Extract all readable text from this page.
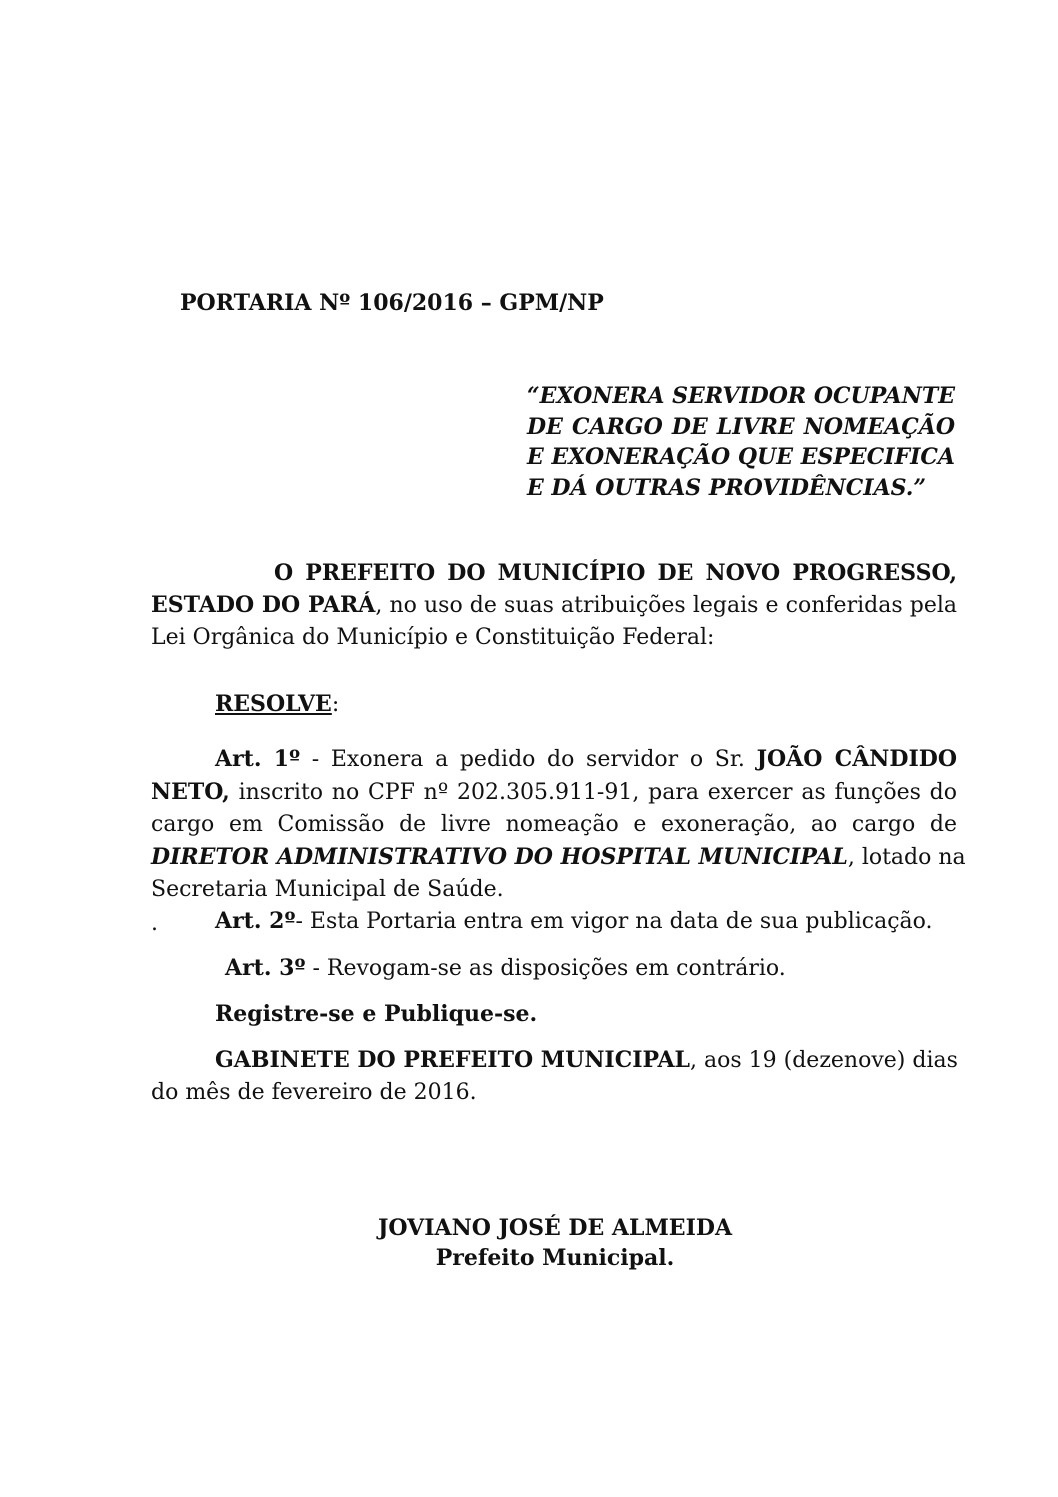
PORTARIA Nº 106/2016 – GPM/NP
“EXONERA SERVIDOR OCUPANTE
DE CARGO DE LIVRE NOMEAÇÃO
E EXONERAÇÃO QUE ESPECIFICA
E DÁ OUTRAS PROVIDÊNCIAS.”
O PREFEITO DO MUNICÍPIO DE NOVO PROGRESSO,
ESTADO DO PARÁ, no uso de suas atribuições legais e conferidas pela
Lei Orgânica do Município e Constituição Federal:
RESOLVE:
Art. 1º - Exonera a pedido do servidor o Sr. JOÃO CÂNDIDO
NETO, inscrito no CPF nº 202.305.911-91, para exercer as funções do
cargo em Comissão de livre nomeação e exoneração, ao cargo de
DIRETOR ADMINISTRATIVO DO HOSPITAL MUNICIPAL, lotado na
Secretaria Municipal de Saúde.
.	Art. 2º- Esta Portaria entra em vigor na data de sua publicação.
Art. 3º - Revogam-se as disposições em contrário.
Registre-se e Publique-se.
GABINETE DO PREFEITO MUNICIPAL, aos 19 (dezenove) dias
do mês de fevereiro de 2016.
JOVIANO JOSÉ DE ALMEIDA
Prefeito Municipal.
